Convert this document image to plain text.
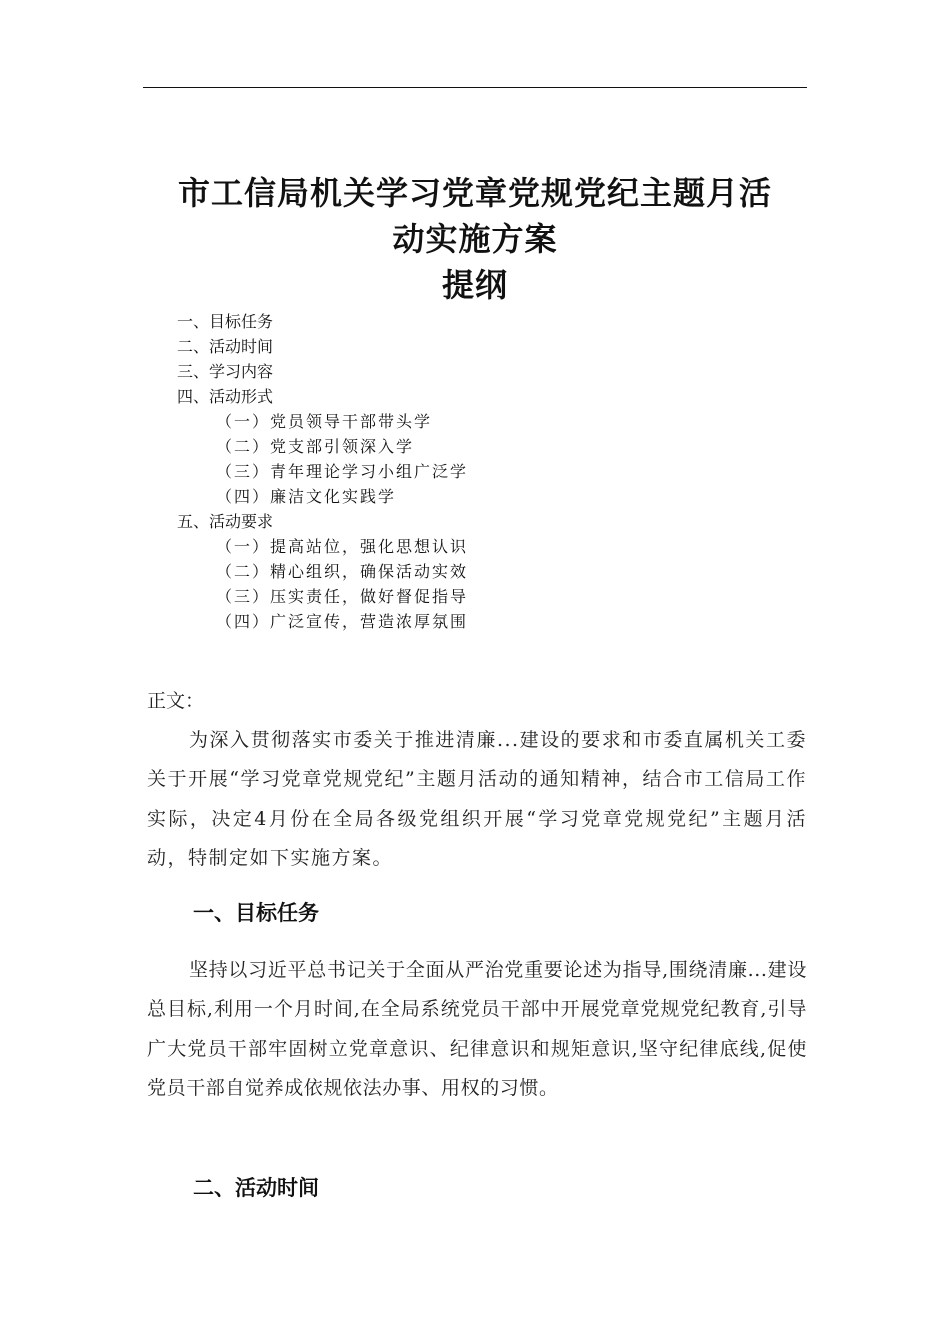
市工信局机关学习党章党规党纪主题月活
动实施方案
提纲
一、目标任务
二、活动时间
三、学习内容
四、活动形式
（一）党员领导干部带头学
（二）党支部引领深入学
（三）青年理论学习小组广泛学
（四）廉洁文化实践学
五、活动要求
（一）提高站位，强化思想认识
（二）精心组织，确保活动实效
（三）压实责任，做好督促指导
（四）广泛宣传，营造浓厚氛围
正文：
为深入贯彻落实市委关于推进清廉...建设的要求和市委直属机关工委关于开展“学习党章党规党纪”主题月活动的通知精神，结合市工信局工作实际，决定4月份在全局各级党组织开展“学习党章党规党纪”主题月活动，特制定如下实施方案。
一、目标任务
坚持以习近平总书记关于全面从严治党重要论述为指导,围绕清廉...建设总目标,利用一个月时间,在全局系统党员干部中开展党章党规党纪教育,引导广大党员干部牢固树立党章意识、纪律意识和规矩意识,坚守纪律底线,促使党员干部自觉养成依规依法办事、用权的习惯。
二、活动时间
